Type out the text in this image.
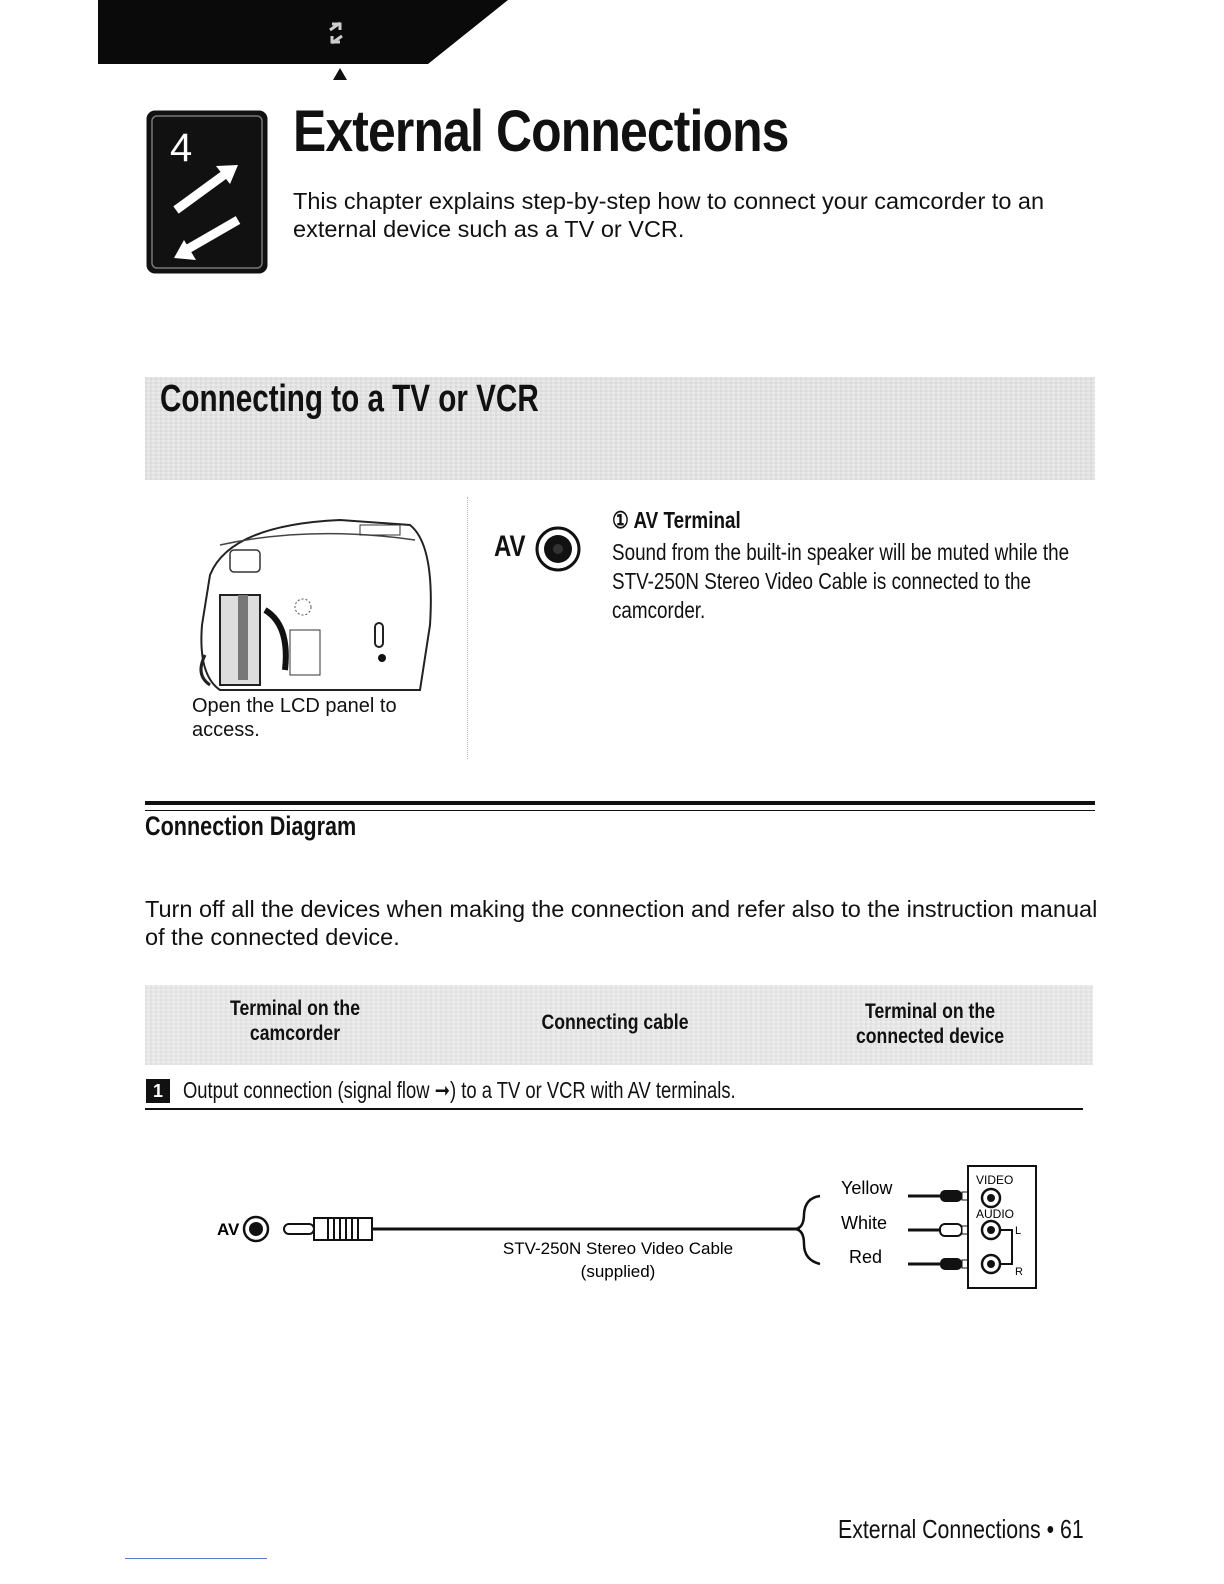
4 External Connections
This chapter explains step-by-step how to connect your camcorder to an external device such as a TV or VCR.
Connecting to a TV or VCR
Open the LCD panel to access.
AV
① AV Terminal
Sound from the built-in speaker will be muted while the STV-250N Stereo Video Cable is connected to the camcorder.
Connection Diagram
Turn off all the devices when making the connection and refer also to the instruction manual of the connected device.
Terminal on the camcorder	Connecting cable	Terminal on the connected device
1 Output connection (signal flow ➞) to a TV or VCR with AV terminals.
AV
STV-250N Stereo Video Cable
(supplied)
Yellow
White
Red
VIDEO
AUDIO
L
R
External Connections • 61
